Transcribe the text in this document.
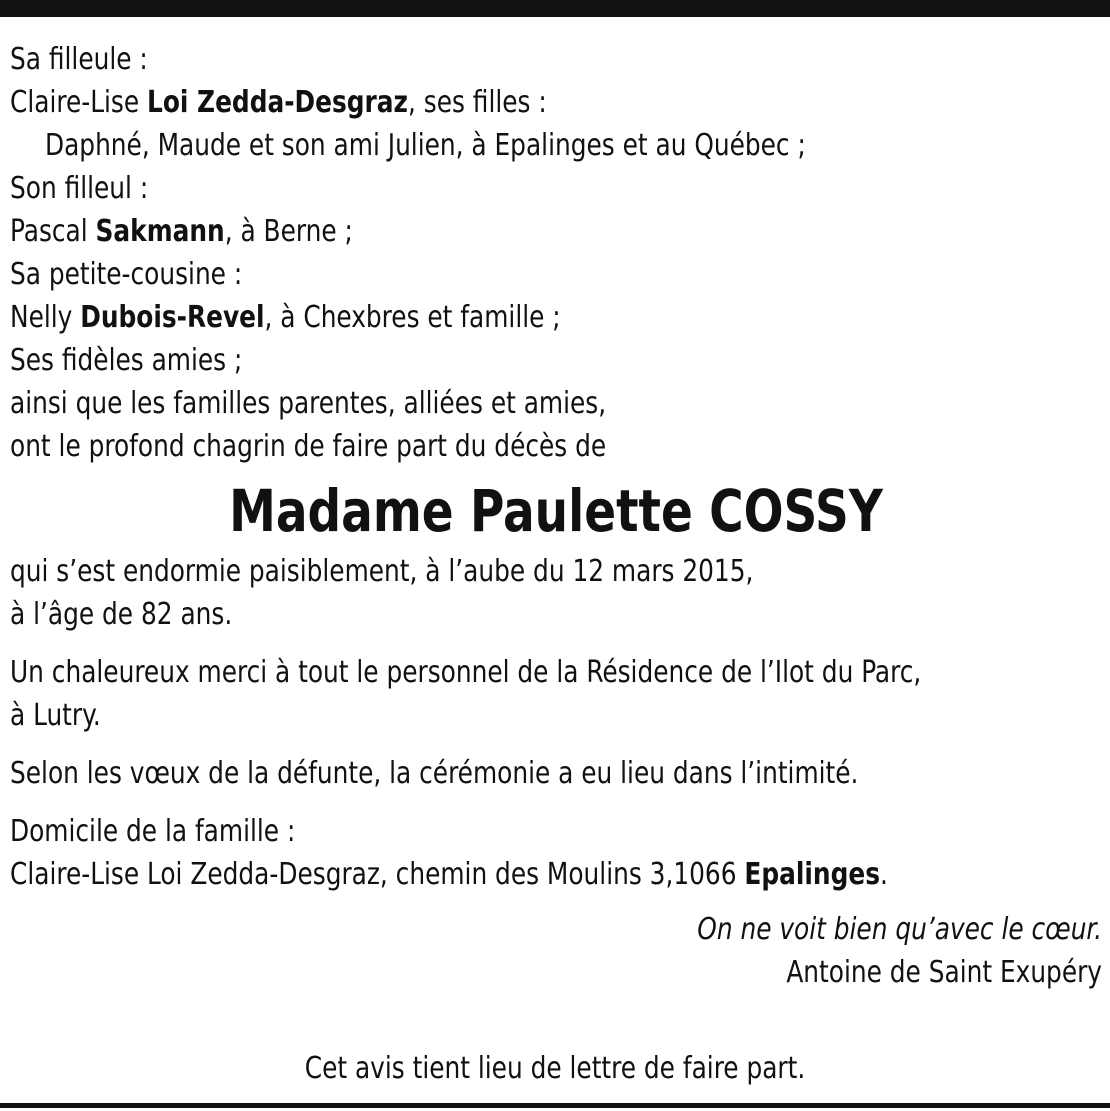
Sa filleule :
Claire-Lise Loi Zedda-Desgraz, ses filles :
Daphné, Maude et son ami Julien, à Epalinges et au Québec ;
Son filleul :
Pascal Sakmann, à Berne ;
Sa petite-cousine :
Nelly Dubois-Revel, à Chexbres et famille ;
Ses fidèles amies ;
ainsi que les familles parentes, alliées et amies,
ont le profond chagrin de faire part du décès de
Madame Paulette COSSY
qui s’est endormie paisiblement, à l’aube du 12 mars 2015,
à l’âge de 82 ans.
Un chaleureux merci à tout le personnel de la Résidence de l’Ilot du Parc,
à Lutry.
Selon les vœux de la défunte, la cérémonie a eu lieu dans l’intimité.
Domicile de la famille :
Claire-Lise Loi Zedda-Desgraz, chemin des Moulins 3,1066 Epalinges.
On ne voit bien qu’avec le cœur.
Antoine de Saint Exupéry
Cet avis tient lieu de lettre de faire part.
